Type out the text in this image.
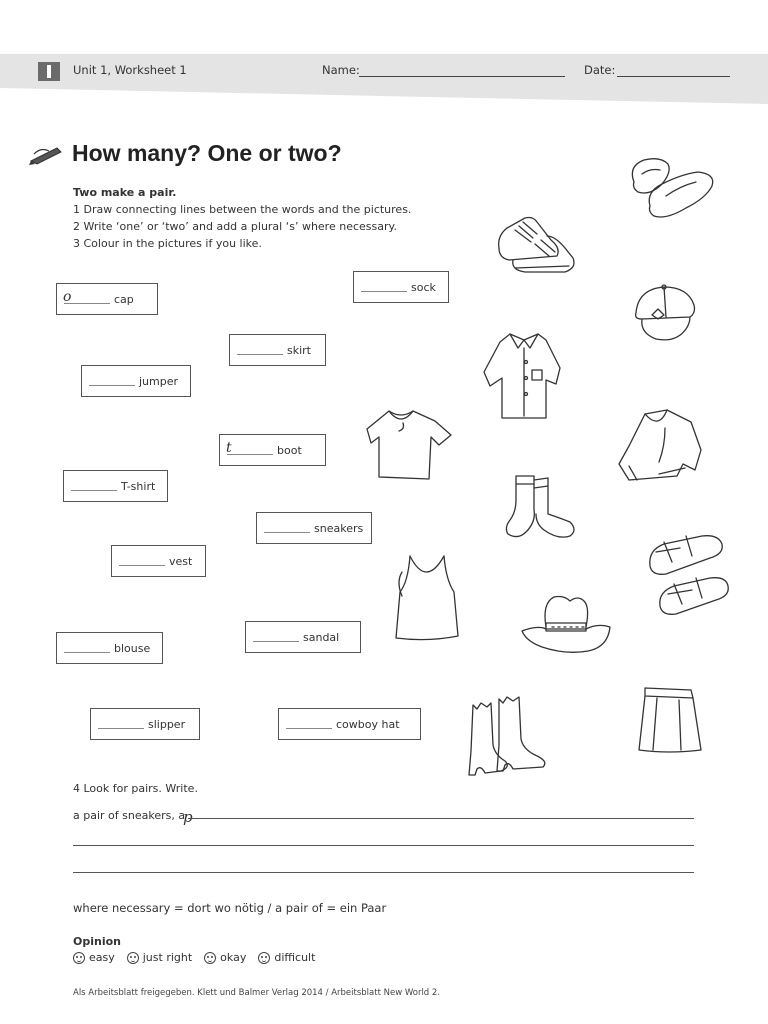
Unit 1, Worksheet 1	Name:	Date:
How many? One or two?
Two make a pair.
1 Draw connecting lines between the words and the pictures.
2 Write ‘one’ or ‘two’ and add a plural ‘s’ where necessary.
3 Colour in the pictures if you like.
o	cap
sock
skirt
jumper
t	boot
T-shirt
sneakers
vest
sandal
blouse
slipper	cowboy hat
4 Look for pairs. Write.
a pair of sneakers, a
p
where necessary = dort wo nötig / a pair of = ein Paar
Opinion
easy	just right	okay	difficult
Als Arbeitsblatt freigegeben. Klett und Balmer Verlag 2014 / Arbeitsblatt New World 2.
